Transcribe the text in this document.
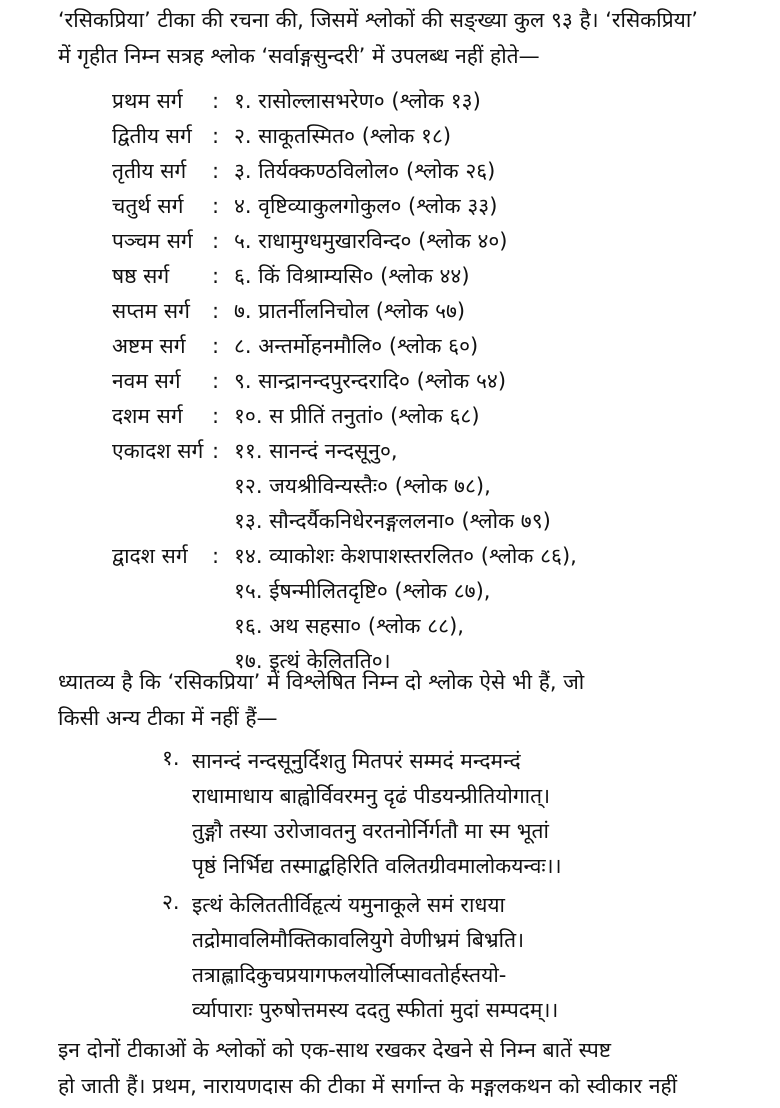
‘रसिकप्रिया’ टीका की रचना की, जिसमें श्लोकों की सङ्ख्या कुल ९३ है। ‘रसिकप्रिया’
में गृहीत निम्न सत्रह श्लोक ‘सर्वाङ्गसुन्दरी’ में उपलब्ध नहीं होते—

प्रथम सर्ग	: १. रासोल्लासभरेण० (श्लोक १३)
द्वितीय सर्ग : २. साकूतस्मित० (श्लोक १८)
तृतीय सर्ग	: ३. तिर्यक्कण्ठविलोल० (श्लोक २६)
चतुर्थ सर्ग	: ४. वृष्टिव्याकुलगोकुल० (श्लोक ३३)
पञ्चम सर्ग : ५. राधामुग्धमुखारविन्द० (श्लोक ४०)
षष्ठ सर्ग	: ६. किं विश्राम्यसि० (श्लोक ४४)
सप्तम सर्ग	: ७. प्रातर्नीलनिचोल (श्लोक ५७)
अष्टम सर्ग	: ८. अन्तर्मोहनमौलि० (श्लोक ६०)
नवम सर्ग	: ९. सान्द्रानन्दपुरन्दरादि० (श्लोक ५४)
दशम सर्ग	: १०. स प्रीतिं तनुतां० (श्लोक ६८)
एकादश सर्ग : ११. सानन्दं नन्दसूनु०,
१२. जयश्रीविन्यस्तैः० (श्लोक ७८),
१३. सौन्दर्यैकनिधेरनङ्गललना० (श्लोक ७९)
द्वादश सर्ग	: १४. व्याकोशः केशपाशस्तरलित० (श्लोक ८६),
१५. ईषन्मीलितदृष्टि० (श्लोक ८७),
१६. अथ सहसा० (श्लोक ८८),
१७. इत्थं केलितति०।

ध्यातव्य है कि ‘रसिकप्रिया’ में विश्लेषित निम्न दो श्लोक ऐसे भी हैं, जो
किसी अन्य टीका में नहीं हैं—

१. सानन्दं नन्दसूनुर्दिशतु मितपरं सम्मदं मन्दमन्दं
राधामाधाय बाह्वोर्विवरमनु दृढं पीडयन्प्रीतियोगात्।
तुङ्गौ तस्या उरोजावतनु वरतनोर्निर्गतौ मा स्म भूतां
पृष्ठं निर्भिद्य तस्माद्बहिरिति वलितग्रीवमालोकयन्वः।।
२. इत्थं केलिततीर्विहृत्यं यमुनाकूले समं राधया
तद्रोमावलिमौक्तिकावलियुगे वेणीभ्रमं बिभ्रति।
तत्राह्लादिकुचप्रयागफलयोर्लिप्सावतोर्हस्तयो-
र्व्यापाराः पुरुषोत्तमस्य ददतु स्फीतां मुदां सम्पदम्।।

इन दोनों टीकाओं के श्लोकों को एक-साथ रखकर देखने से निम्न बातें स्पष्ट
हो जाती हैं। प्रथम, नारायणदास की टीका में सर्गान्त के मङ्गलकथन को स्वीकार नहीं
